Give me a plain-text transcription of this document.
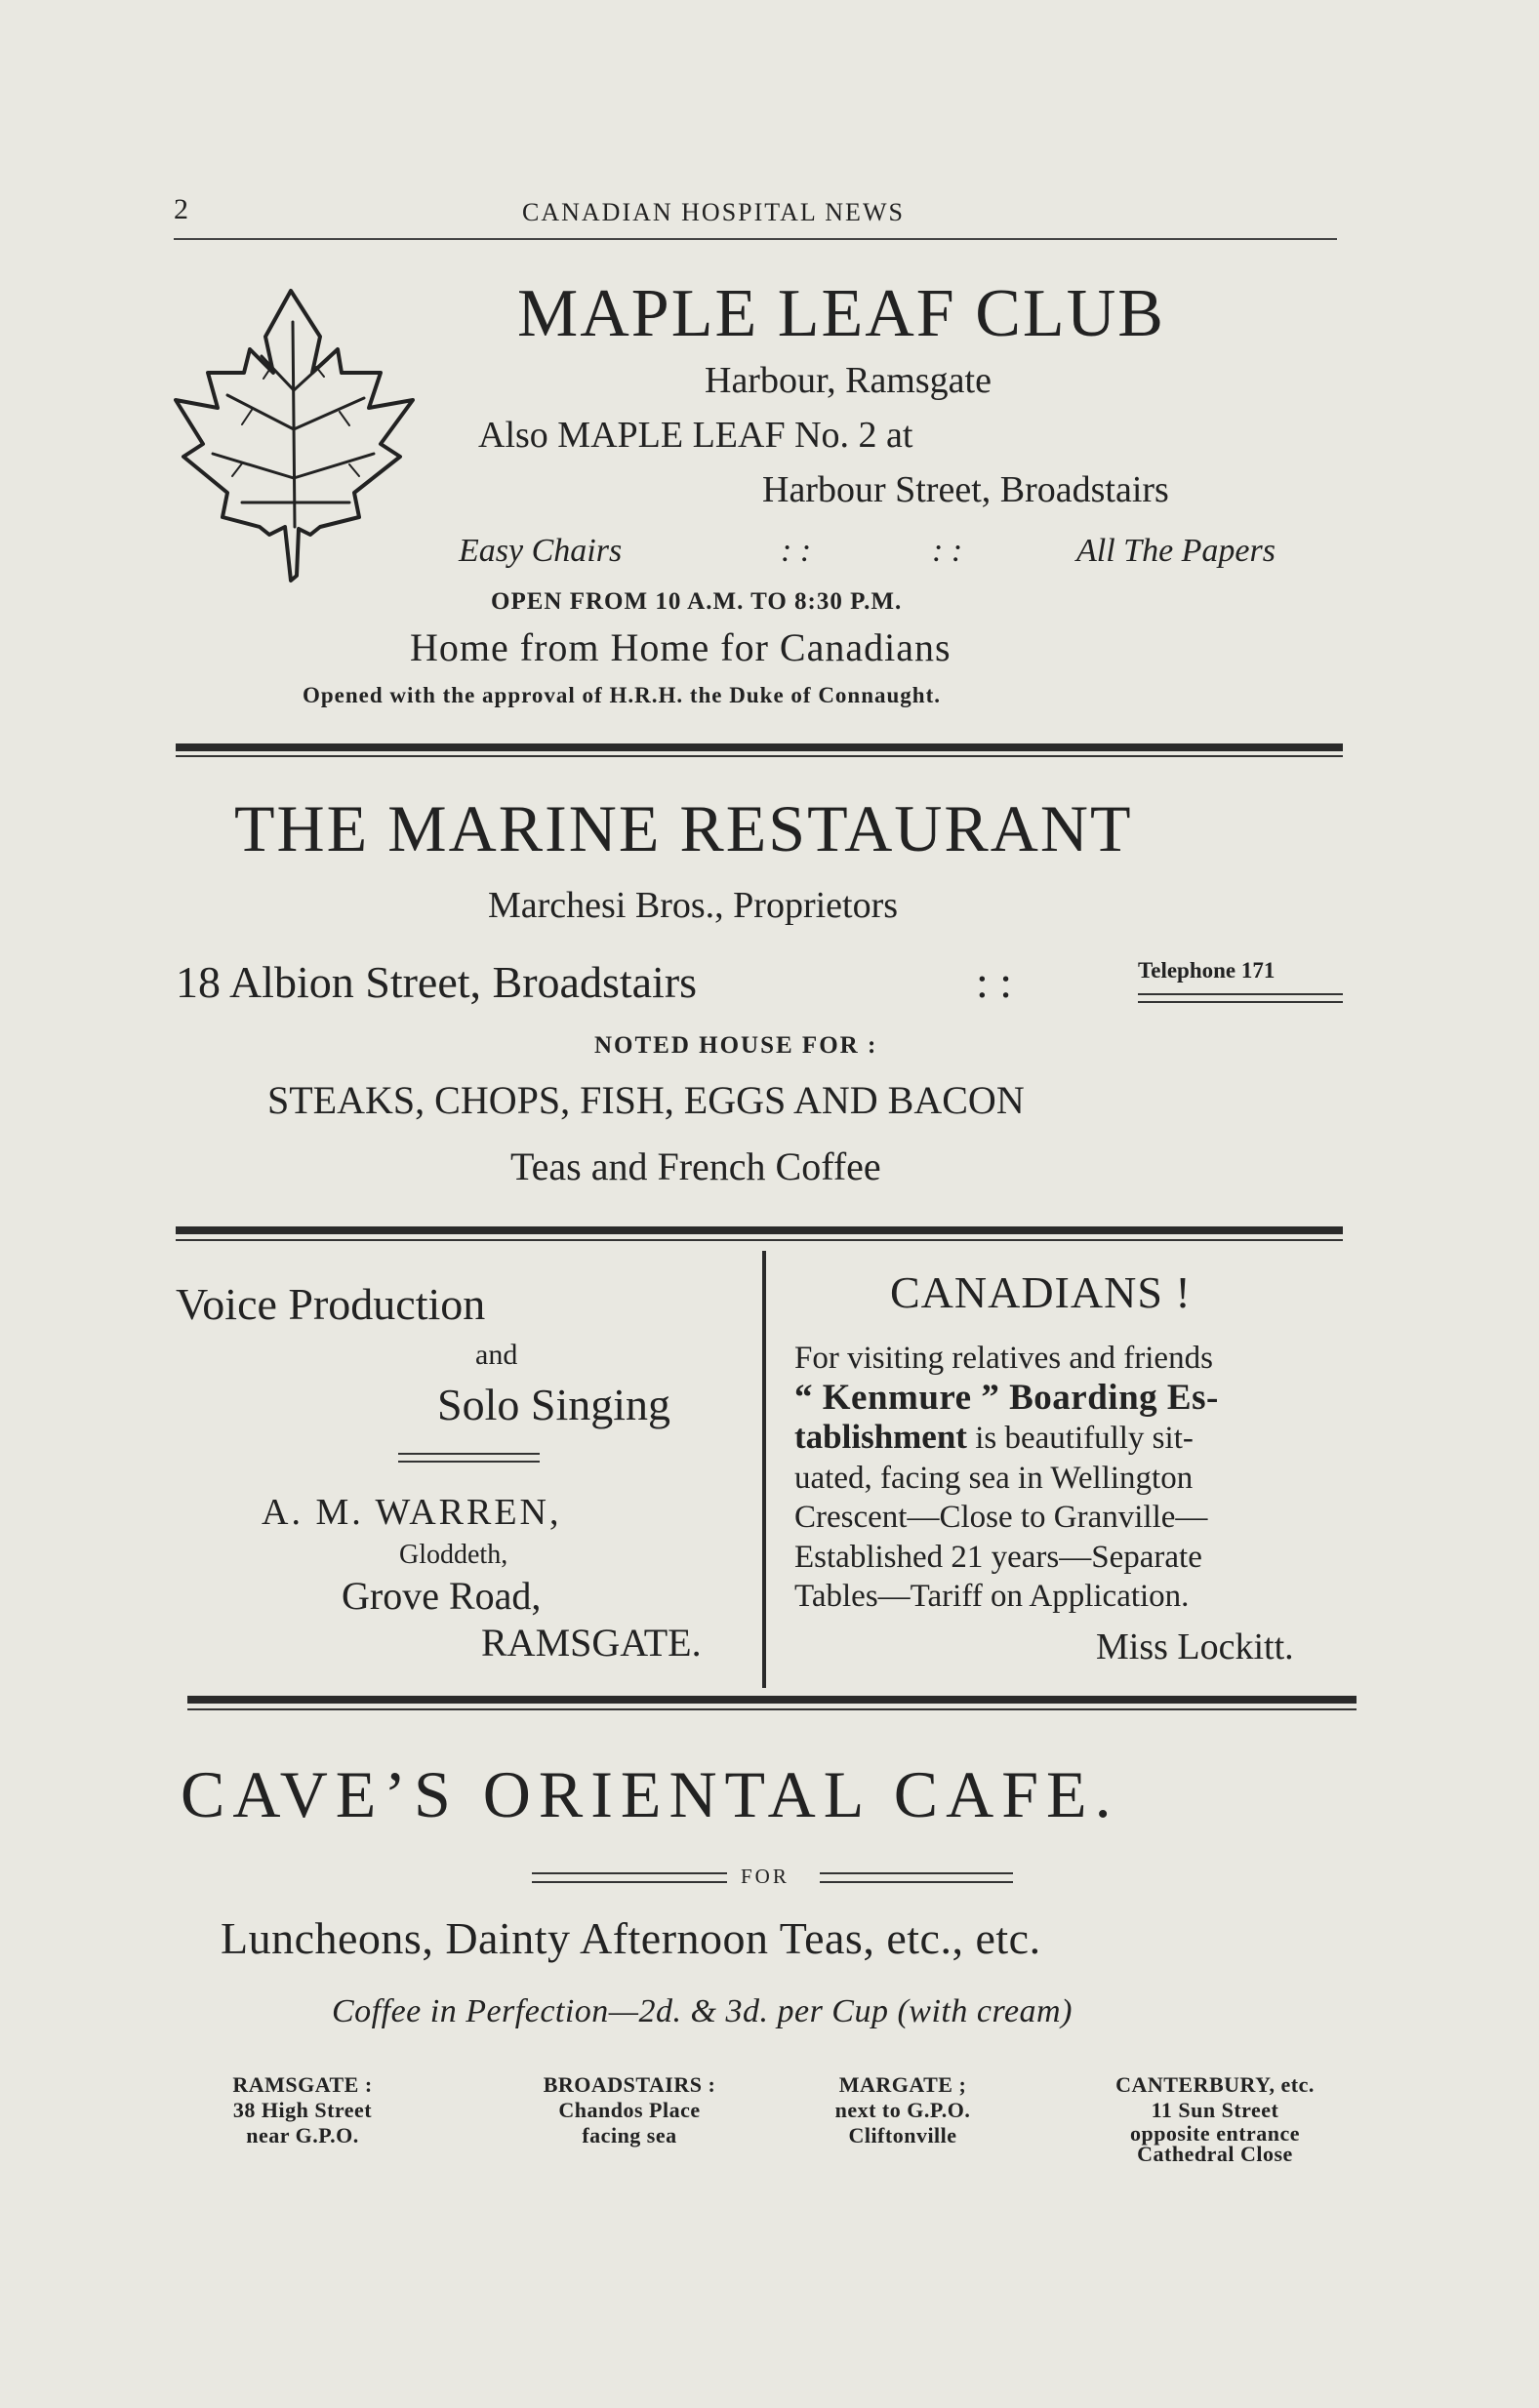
2	CANADIAN HOSPITAL NEWS
MAPLE LEAF CLUB
Harbour, Ramsgate
Also MAPLE LEAF No. 2 at
Harbour Street, Broadstairs
Easy Chairs	: :	: :	All The Papers
OPEN FROM 10 A.M. TO 8:30 P.M.
Home from Home for Canadians
Opened with the approval of H.R.H. the Duke of Connaught.
THE MARINE RESTAURANT
Marchesi Bros., Proprietors
18 Albion Street, Broadstairs	: :	Telephone 171
NOTED HOUSE FOR :
STEAKS, CHOPS, FISH, EGGS AND BACON
Teas and French Coffee
Voice Production
and
Solo Singing
A. M. WARREN,
Gloddeth,
Grove Road,
RAMSGATE.
CANADIANS !
For visiting relatives and friends
“ Kenmure ” Boarding Es-
tablishment is beautifully sit-
uated, facing sea in Wellington
Crescent—Close to Granville—
Established 21 years—Separate
Tables—Tariff on Application.
Miss Lockitt.
CAVE’S ORIENTAL CAFE.
FOR
Luncheons, Dainty Afternoon Teas, etc., etc.
Coffee in Perfection—2d. & 3d. per Cup (with cream)
RAMSGATE :
38 High Street
near G.P.O.
BROADSTAIRS :
Chandos Place
facing sea
MARGATE ;
next to G.P.O.
Cliftonville
CANTERBURY, etc.
11 Sun Street
opposite entrance
Cathedral Close
